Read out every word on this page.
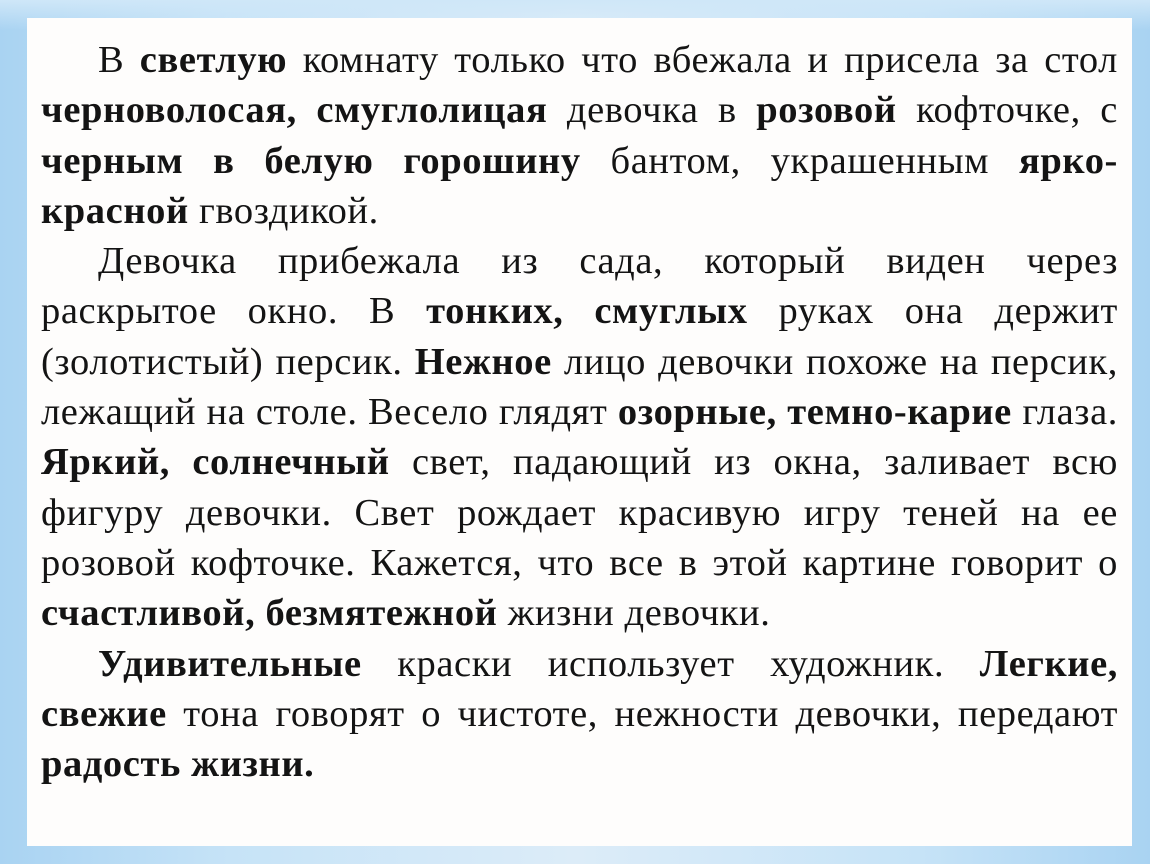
В светлую комнату только что вбежала и присела за стол черноволосая, смуглолицая девочка в розовой кофточке, с черным в белую горошину бантом, украшенным ярко-красной гвоздикой.

Девочка прибежала из сада, который виден через раскрытое окно. В тонких, смуглых руках она держит (золотистый) персик. Нежное лицо девочки похоже на персик, лежащий на столе. Весело глядят озорные, темно-карие глаза. Яркий, солнечный свет, падающий из окна, заливает всю фигуру девочки. Свет рождает красивую игру теней на ее розовой кофточке. Кажется, что все в этой картине говорит о счастливой, безмятежной жизни девочки.

Удивительные краски использует художник. Легкие, свежие тона говорят о чистоте, нежности девочки, передают радость жизни.
